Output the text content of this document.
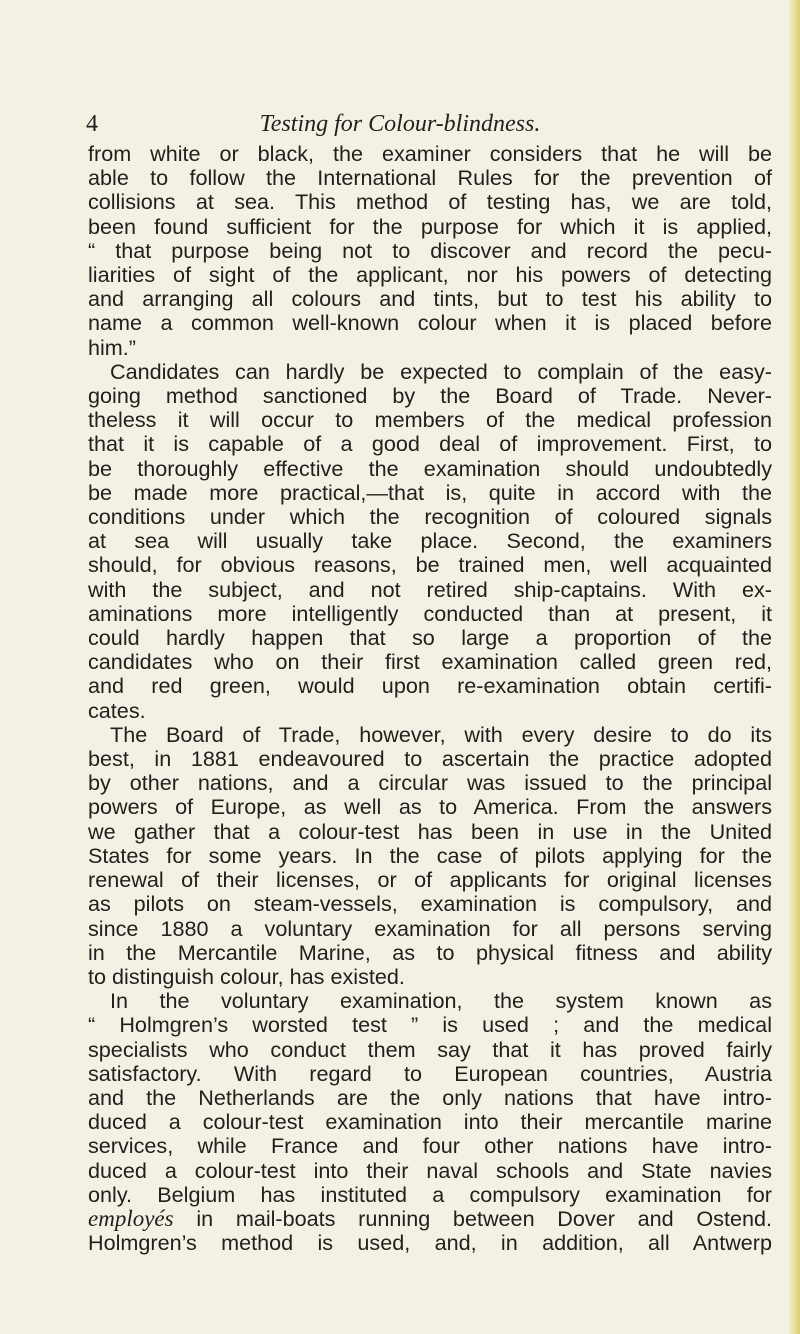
4	Testing for Colour-blindness.
from white or black, the examiner considers that he will be
able to follow the International Rules for the prevention of
collisions at sea. This method of testing has, we are told,
been found sufficient for the purpose for which it is applied,
“ that purpose being not to discover and record the pecu-
liarities of sight of the applicant, nor his powers of detecting
and arranging all colours and tints, but to test his ability to
name a common well-known colour when it is placed before
him.”
Candidates can hardly be expected to complain of the easy-
going method sanctioned by the Board of Trade. Never-
theless it will occur to members of the medical profession
that it is capable of a good deal of improvement. First, to
be thoroughly effective the examination should undoubtedly
be made more practical,—that is, quite in accord with the
conditions under which the recognition of coloured signals
at sea will usually take place. Second, the examiners
should, for obvious reasons, be trained men, well acquainted
with the subject, and not retired ship-captains. With ex-
aminations more intelligently conducted than at present, it
could hardly happen that so large a proportion of the
candidates who on their first examination called green red,
and red green, would upon re-examination obtain certifi-
cates.
The Board of Trade, however, with every desire to do its
best, in 1881 endeavoured to ascertain the practice adopted
by other nations, and a circular was issued to the principal
powers of Europe, as well as to America. From the answers
we gather that a colour-test has been in use in the United
States for some years. In the case of pilots applying for the
renewal of their licenses, or of applicants for original licenses
as pilots on steam-vessels, examination is compulsory, and
since 1880 a voluntary examination for all persons serving
in the Mercantile Marine, as to physical fitness and ability
to distinguish colour, has existed.
In the voluntary examination, the system known as
“ Holmgren’s worsted test ” is used ; and the medical
specialists who conduct them say that it has proved fairly
satisfactory. With regard to European countries, Austria
and the Netherlands are the only nations that have intro-
duced a colour-test examination into their mercantile marine
services, while France and four other nations have intro-
duced a colour-test into their naval schools and State navies
only. Belgium has instituted a compulsory examination for
employés in mail-boats running between Dover and Ostend.
Holmgren’s method is used, and, in addition, all Antwerp
